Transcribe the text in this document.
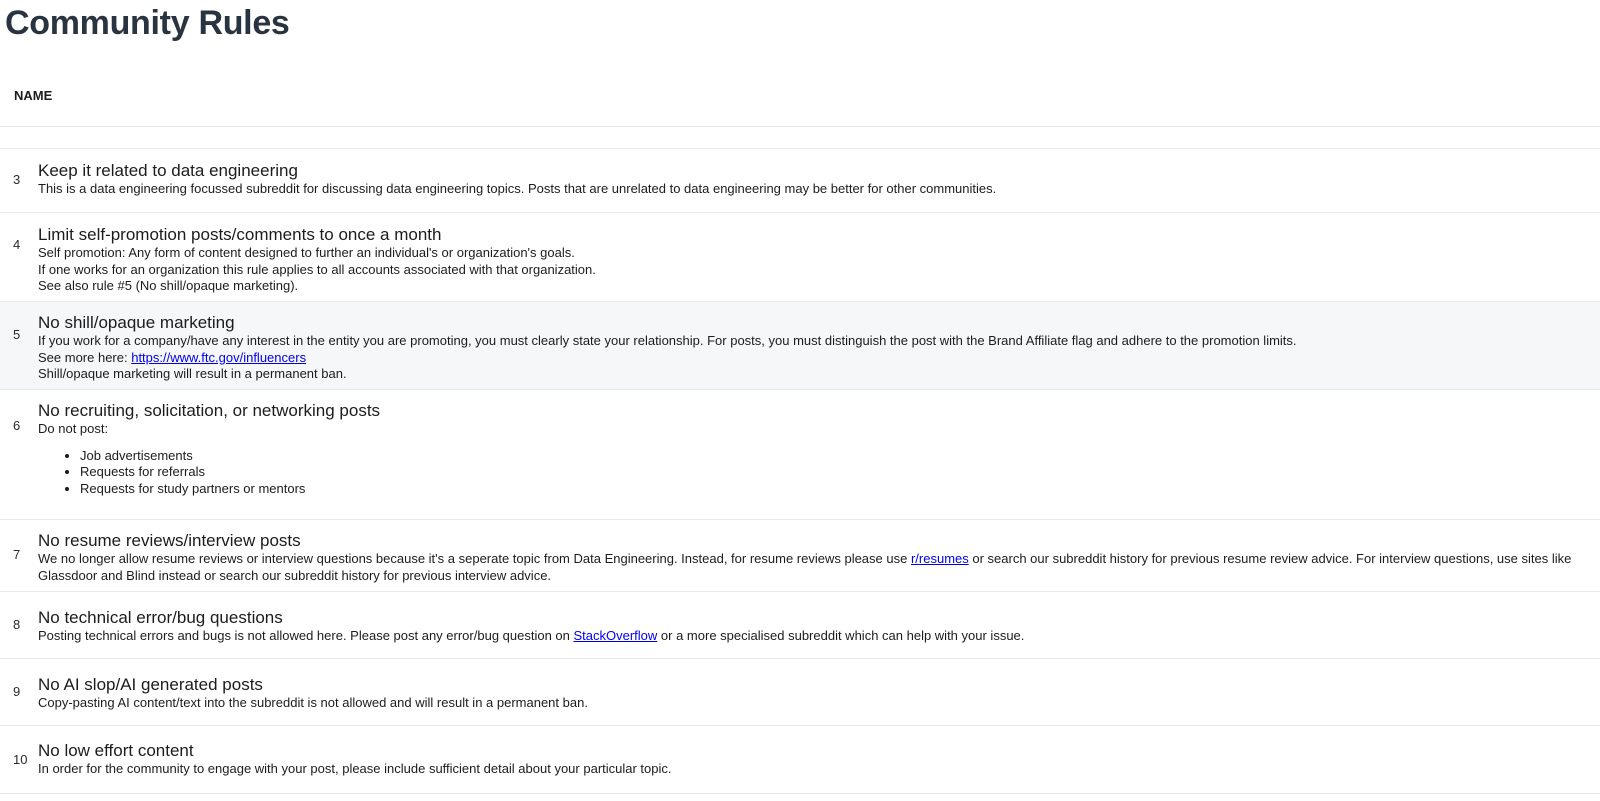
3 Keep it related to data engineering

This is a data engineering focussed subreddit for discussing data engineering topics. Posts that are unrelated to data engineering may be better for other communities.

4

Limit self-promotion posts/comments to once a month

Self promotion: Any form of content designed to further an individual's or organization's goals.

If one works for an organization this rule applies to all accounts associated with that organization.

See also rule #5 (No shill/opaque marketing).

5

No shill/opaque marketing

If you work for a company/have any interest in the entity you are promoting, you must clearly state your relationship. For posts, you must distinguish the post with the Brand Affiliate flag and adhere to the promotion limits.

See more here: https://www.ftc.gov/influencers

Shill/opaque marketing will result in a permanent ban.

6

No recruiting, solicitation, or networking posts

Do not post:

• Job advertisements
• Requests for referrals
• Requests for study partners or mentors
7

No resume reviews/interview posts

We no longer allow resume reviews or interview questions because it's a seperate topic from Data Engineering. Instead, for resume reviews please use r/resumes or search our subreddit history for previous resume review advice. For interview questions, use sites like Glassdoor and Blind instead or search our subreddit history for previous interview advice.

8 No technical error/bug questions

Posting technical errors and bugs is not allowed here. Please post any error/bug question on StackOverflow or a more specialised subreddit which can help with your issue.

9 No AI slop/AI generated posts

Copy-pasting AI content/text into the subreddit is not allowed and will result in a permanent ban.

10 No low effort content

In order for the community to engage with your post, please include sufficient detail about your particular topic.

Community Rules
NAME
